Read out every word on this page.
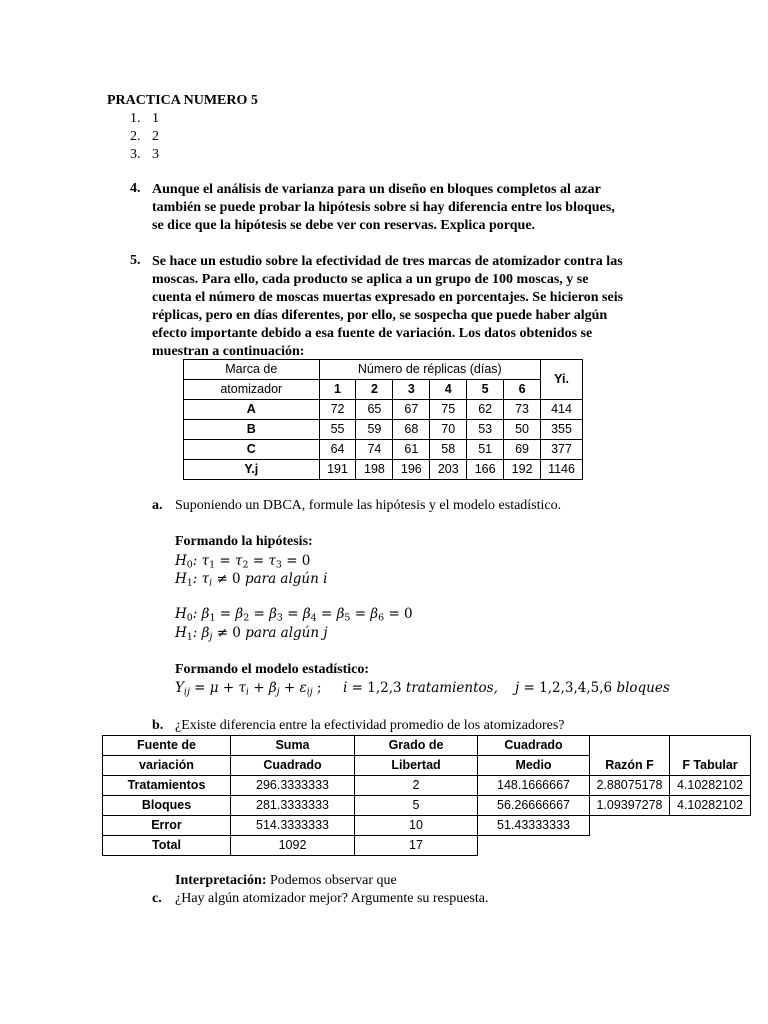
PRACTICA NUMERO 5
1. 1
2. 2
3. 3
4. Aunque el análisis de varianza para un diseño en bloques completos al azar
también se puede probar la hipótesis sobre si hay diferencia entre los bloques,
se dice que la hipótesis se debe ver con reservas. Explica porque.
5. Se hace un estudio sobre la efectividad de tres marcas de atomizador contra las
moscas. Para ello, cada producto se aplica a un grupo de 100 moscas, y se
cuenta el número de moscas muertas expresado en porcentajes. Se hicieron seis
réplicas, pero en días diferentes, por ello, se sospecha que puede haber algún
efecto importante debido a esa fuente de variación. Los datos obtenidos se
muestran a continuación:
Marca de	Número de réplicas (días)						Yi.
atomizador	1	2	3	4	5	6	
A	72	65	67	75	62	73	414
B	55	59	68	70	53	50	355
C	64	74	61	58	51	69	377
Y.j	191	198	196	203	166	192	1146
a. Suponiendo un DBCA, formule las hipótesis y el modelo estadístico.
Formando la hipótesis:
$H_0$: $\tau_1 = \tau_2 = \tau_3 = 0$
$H_1$: $\tau_i \ne 0$ para algún i
$H_0$: $\beta_1 = \beta_2 = \beta_3 = \beta_4 = \beta_5 = \beta_6 = 0$
$H_1$: $\beta_j \ne 0$ para algún j
Formando el modelo estadístico:
$Y_{ij} = \mu + \tau_i + \beta_j + \varepsilon_{ij}$ ;     i = 1,2,3 tratamientos,    j = 1,2,3,4,5,6 bloques
b. ¿Existe diferencia entre la efectividad promedio de los atomizadores?
Fuente de	Suma	Grado de	Cuadrado	Razón F	F Tabular
variación	Cuadrado	Libertad	Medio		
Tratamientos	296.3333333	2	148.1666667	2.88075178	4.10282102
Bloques	281.3333333	5	56.26666667	1.09397278	4.10282102
Error	514.3333333	10	51.43333333		
Total	1092	17			
Interpretación: Podemos observar que
c. ¿Hay algún atomizador mejor? Argumente su respuesta.
